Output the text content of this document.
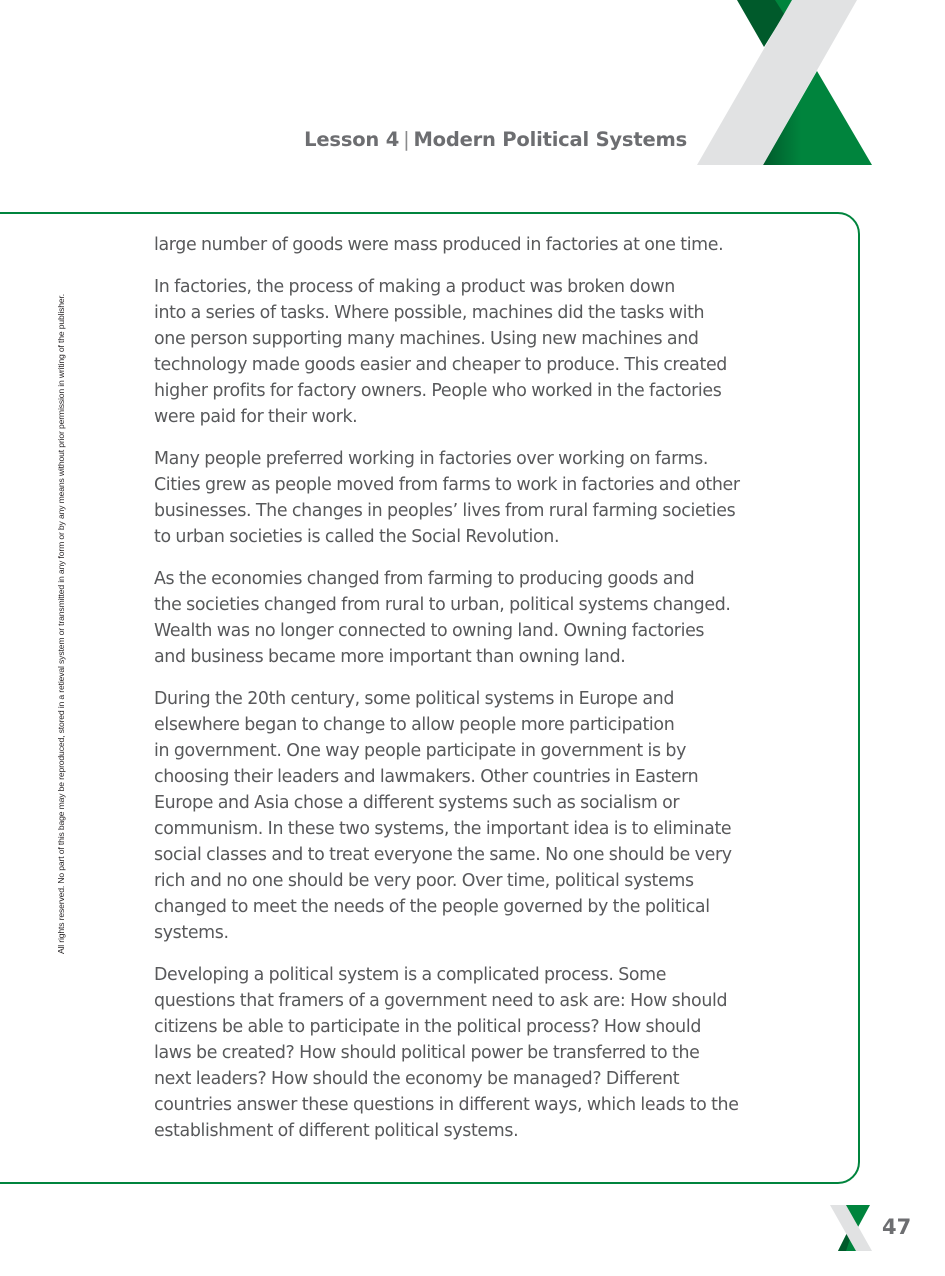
Lesson 4 | Modern Political Systems
All rights reserved. No part of this bage may be reproduced, stored in a retieval system or transmitted in any form or by any means without prior permission in writing of the publisher.

large number of goods were mass produced in factories at one time.

In factories, the process of making a product was broken down
into a series of tasks. Where possible, machines did the tasks with
one person supporting many machines. Using new machines and
technology made goods easier and cheaper to produce. This created
higher profits for factory owners. People who worked in the factories
were paid for their work.

Many people preferred working in factories over working on farms.
Cities grew as people moved from farms to work in factories and other
businesses. The changes in peoples’ lives from rural farming societies
to urban societies is called the Social Revolution.

As the economies changed from farming to producing goods and
the societies changed from rural to urban, political systems changed.
Wealth was no longer connected to owning land. Owning factories
and business became more important than owning land.

During the 20th century, some political systems in Europe and
elsewhere began to change to allow people more participation
in government. One way people participate in government is by
choosing their leaders and lawmakers. Other countries in Eastern
Europe and Asia chose a different systems such as socialism or
communism. In these two systems, the important idea is to eliminate
social classes and to treat everyone the same. No one should be very
rich and no one should be very poor. Over time, political systems
changed to meet the needs of the people governed by the political
systems.

Developing a political system is a complicated process. Some
questions that framers of a government need to ask are: How should
citizens be able to participate in the political process? How should
laws be created? How should political power be transferred to the
next leaders? How should the economy be managed? Different
countries answer these questions in different ways, which leads to the
establishment of different political systems.

47
